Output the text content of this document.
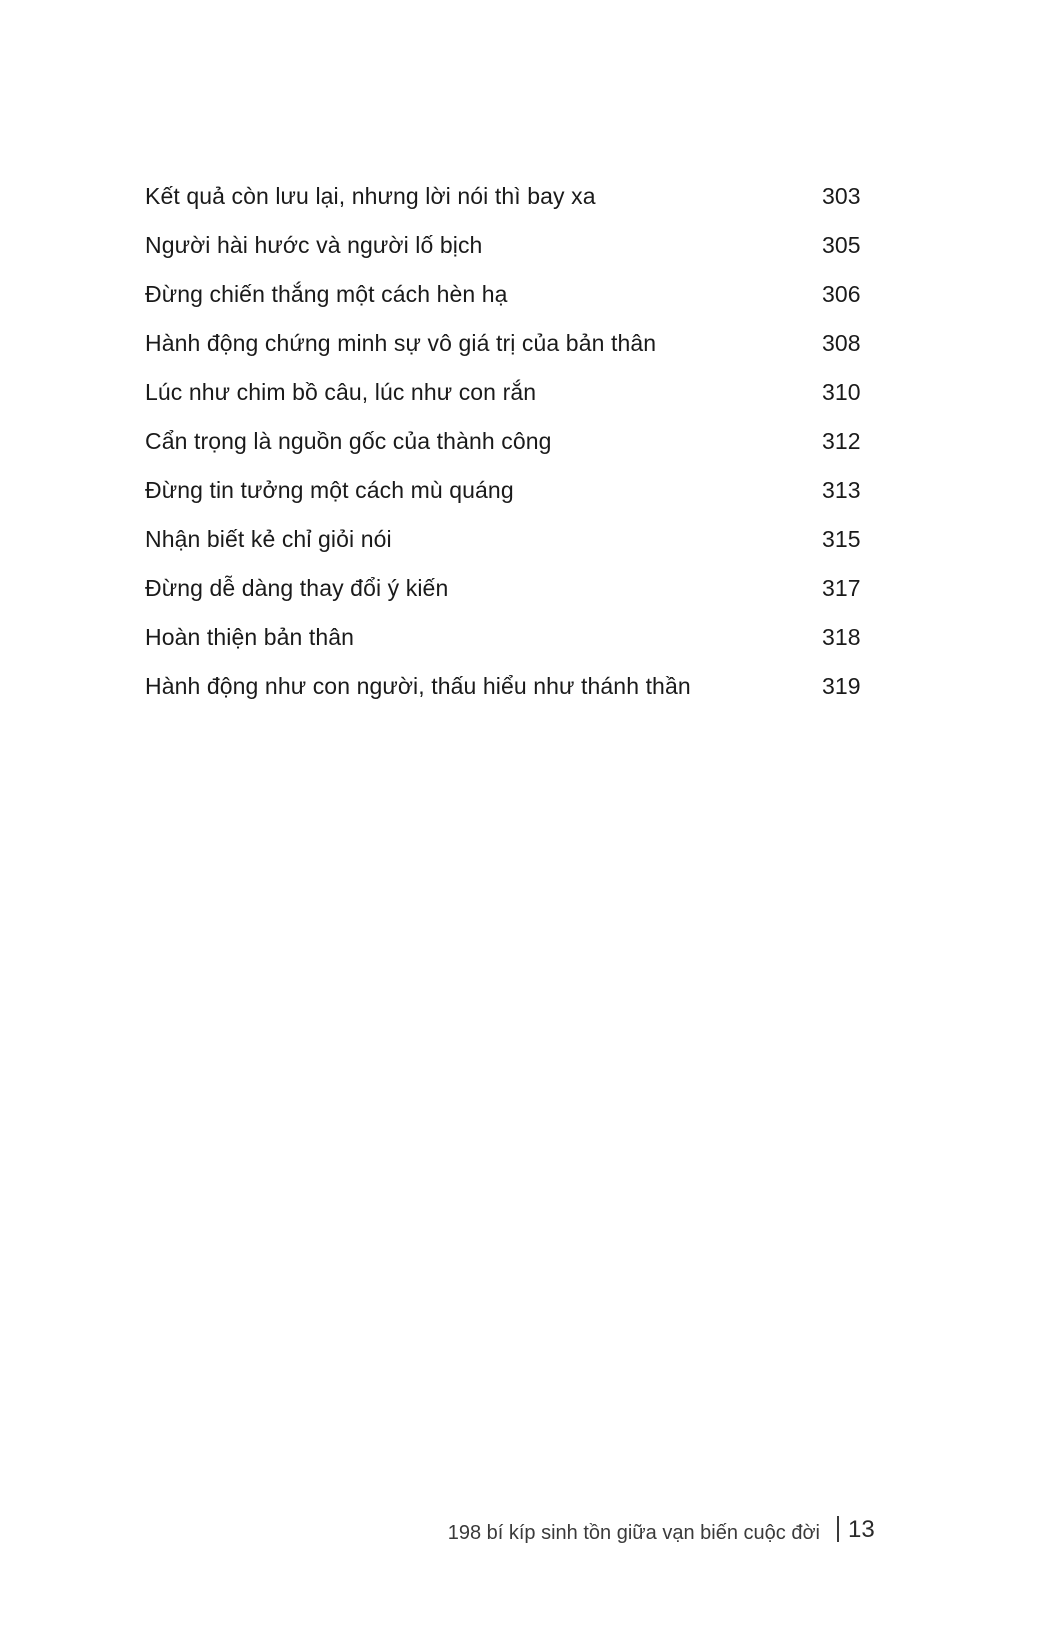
Kết quả còn lưu lại, nhưng lời nói thì bay xa	303
Người hài hước và người lố bịch	305
Đừng chiến thắng một cách hèn hạ	306
Hành động chứng minh sự vô giá trị của bản thân	308
Lúc như chim bồ câu, lúc như con rắn	310
Cẩn trọng là nguồn gốc của thành công	312
Đừng tin tưởng một cách mù quáng	313
Nhận biết kẻ chỉ giỏi nói	315
Đừng dễ dàng thay đổi ý kiến	317
Hoàn thiện bản thân	318
Hành động như con người, thấu hiểu như thánh thần	319
198 bí kíp sinh tồn giữa vạn biến cuộc đời 13
